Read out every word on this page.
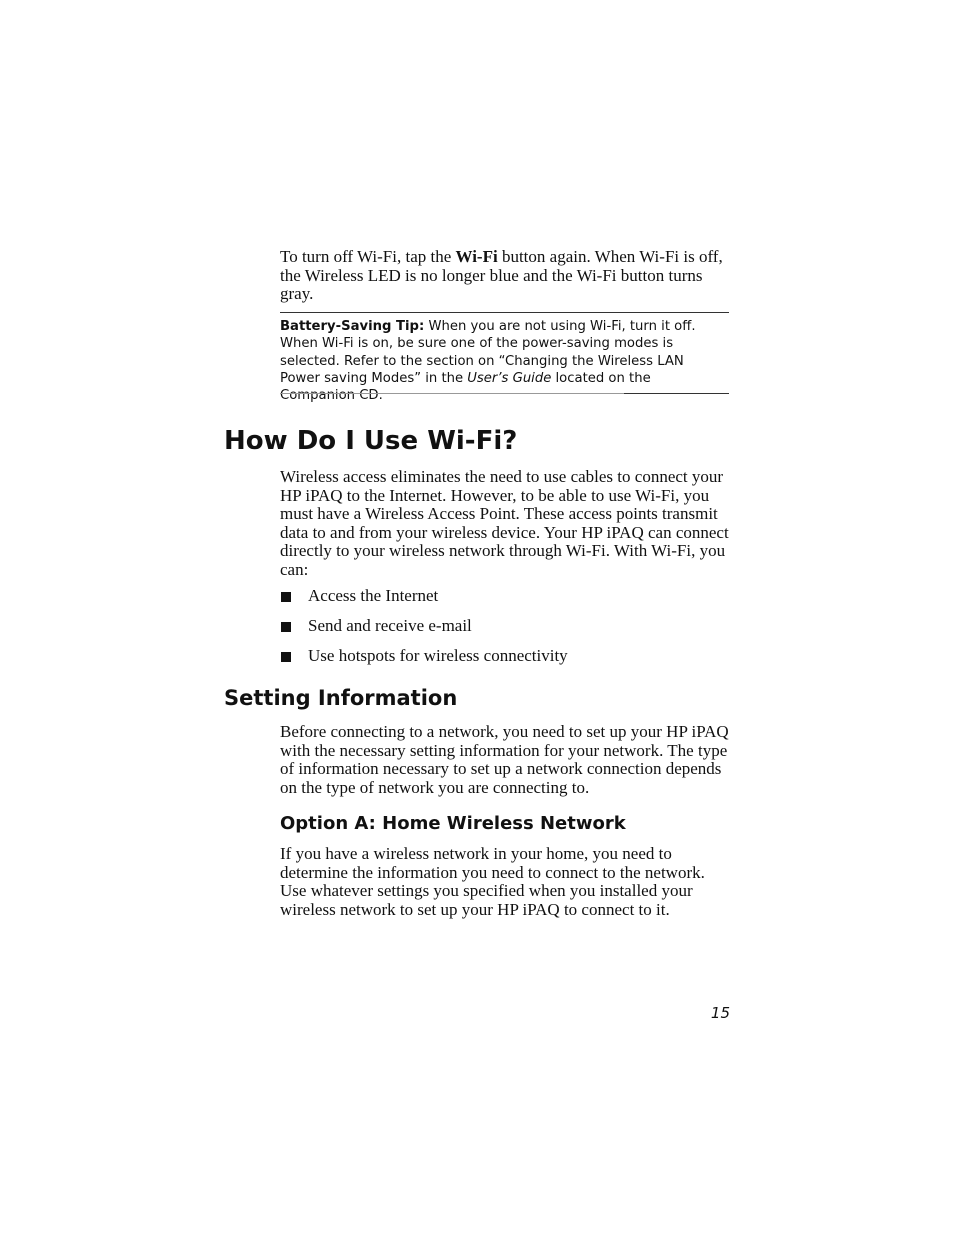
To turn off Wi-Fi, tap the Wi-Fi button again. When Wi-Fi is off, the Wireless LED is no longer blue and the Wi-Fi button turns gray.

Battery-Saving Tip: When you are not using Wi-Fi, turn it off. When Wi-Fi is on, be sure one of the power-saving modes is selected. Refer to the section on “Changing the Wireless LAN Power saving Modes” in the User’s Guide located on the Companion CD.

How Do I Use Wi-Fi?

Wireless access eliminates the need to use cables to connect your HP iPAQ to the Internet. However, to be able to use Wi-Fi, you must have a Wireless Access Point. These access points transmit data to and from your wireless device. Your HP iPAQ can connect directly to your wireless network through Wi-Fi. With Wi-Fi, you can:

Access the Internet
Send and receive e-mail
Use hotspots for wireless connectivity
Setting Information

Before connecting to a network, you need to set up your HP iPAQ with the necessary setting information for your network. The type of information necessary to set up a network connection depends on the type of network you are connecting to.

Option A: Home Wireless Network

If you have a wireless network in your home, you need to determine the information you need to connect to the network. Use whatever settings you specified when you installed your wireless network to set up your HP iPAQ to connect to it.

15
